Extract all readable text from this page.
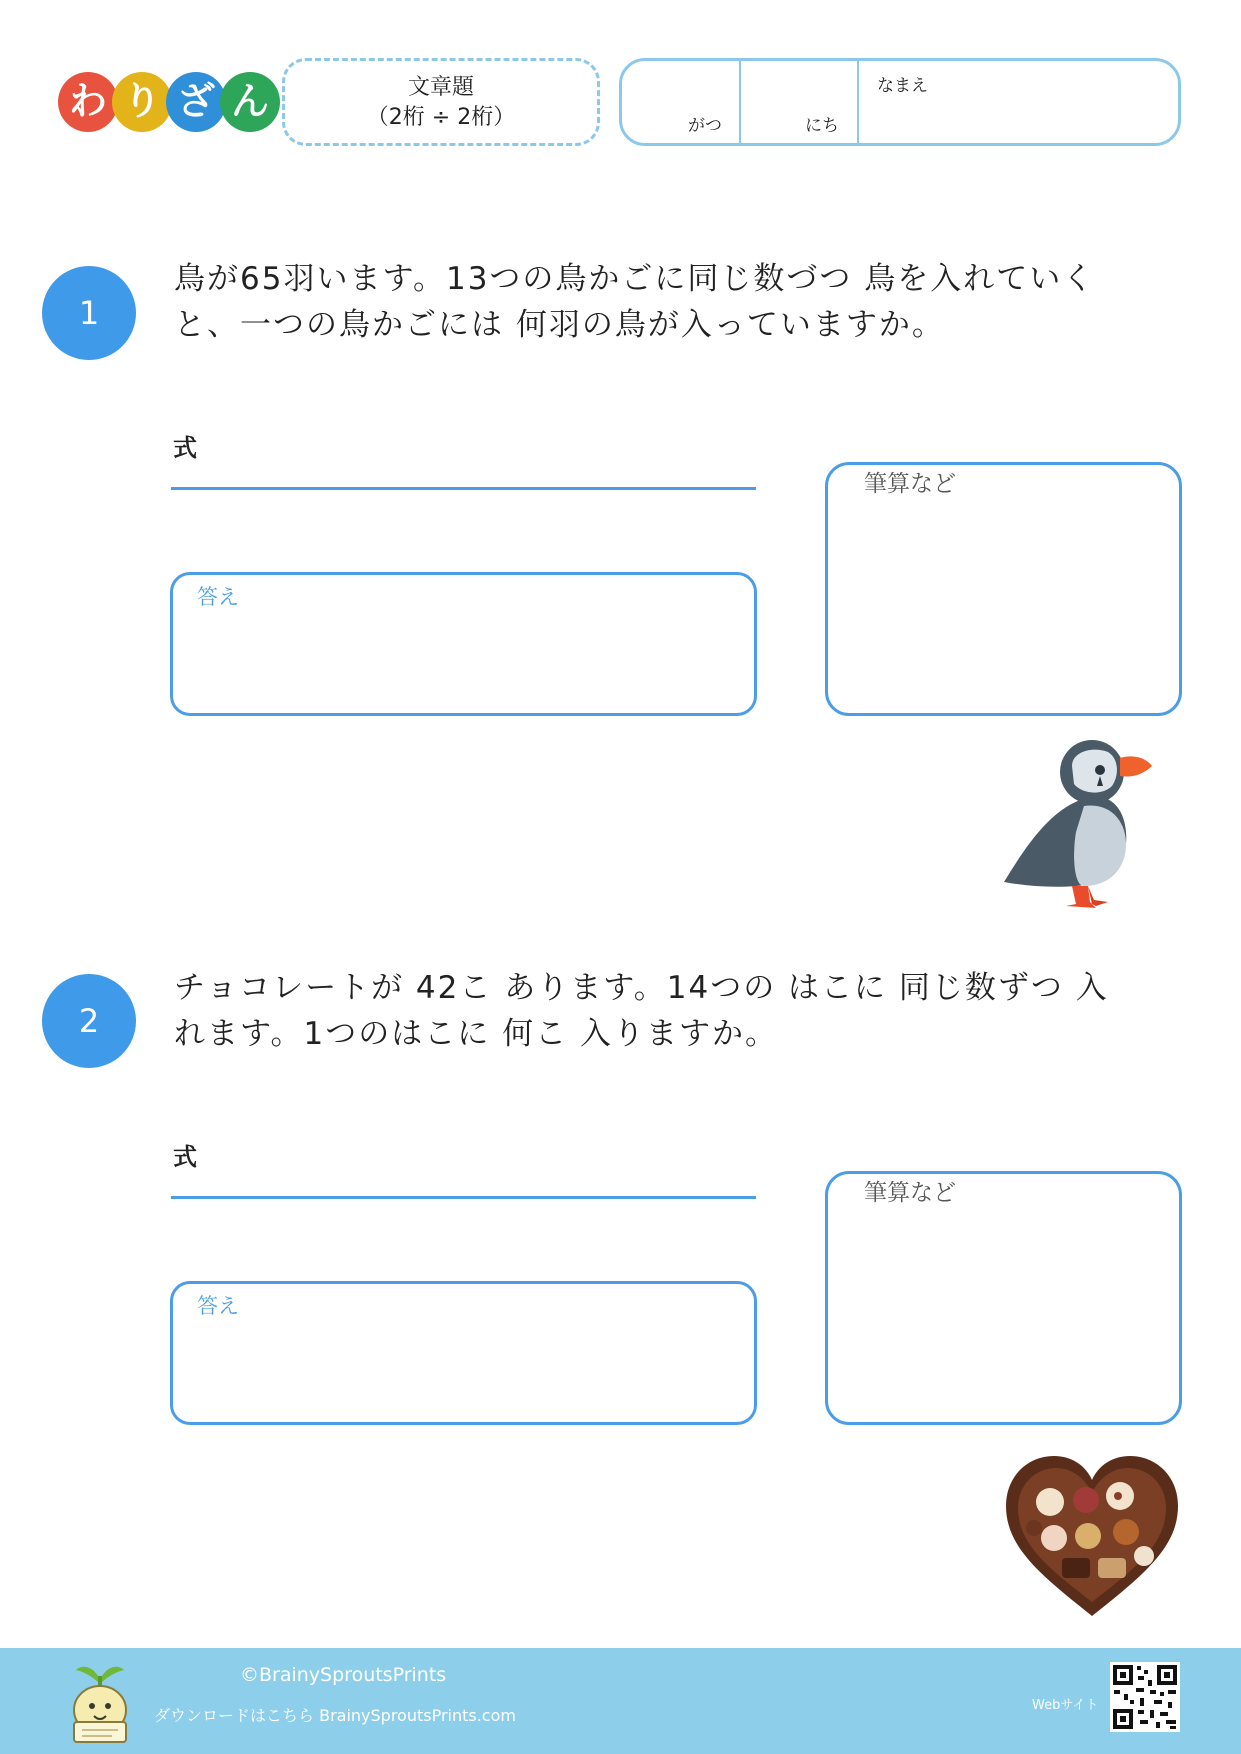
わ り ざ ん	文章題
（2桁 ÷ 2桁）	がつ	にち
なまえ
1
鳥が65羽います。13つの鳥かごに同じ数づつ 鳥を入れていく
と、一つの鳥かごには 何羽の鳥が入っていますか。
式
答え
筆算など
2
チョコレートが 42こ あります。14つの はこに 同じ数ずつ 入
れます。1つのはこに 何こ 入りますか。
式
答え
筆算など
©BrainySproutsPrints
ダウンロードはこちら BrainySproutsPrints.com
Webサイト
